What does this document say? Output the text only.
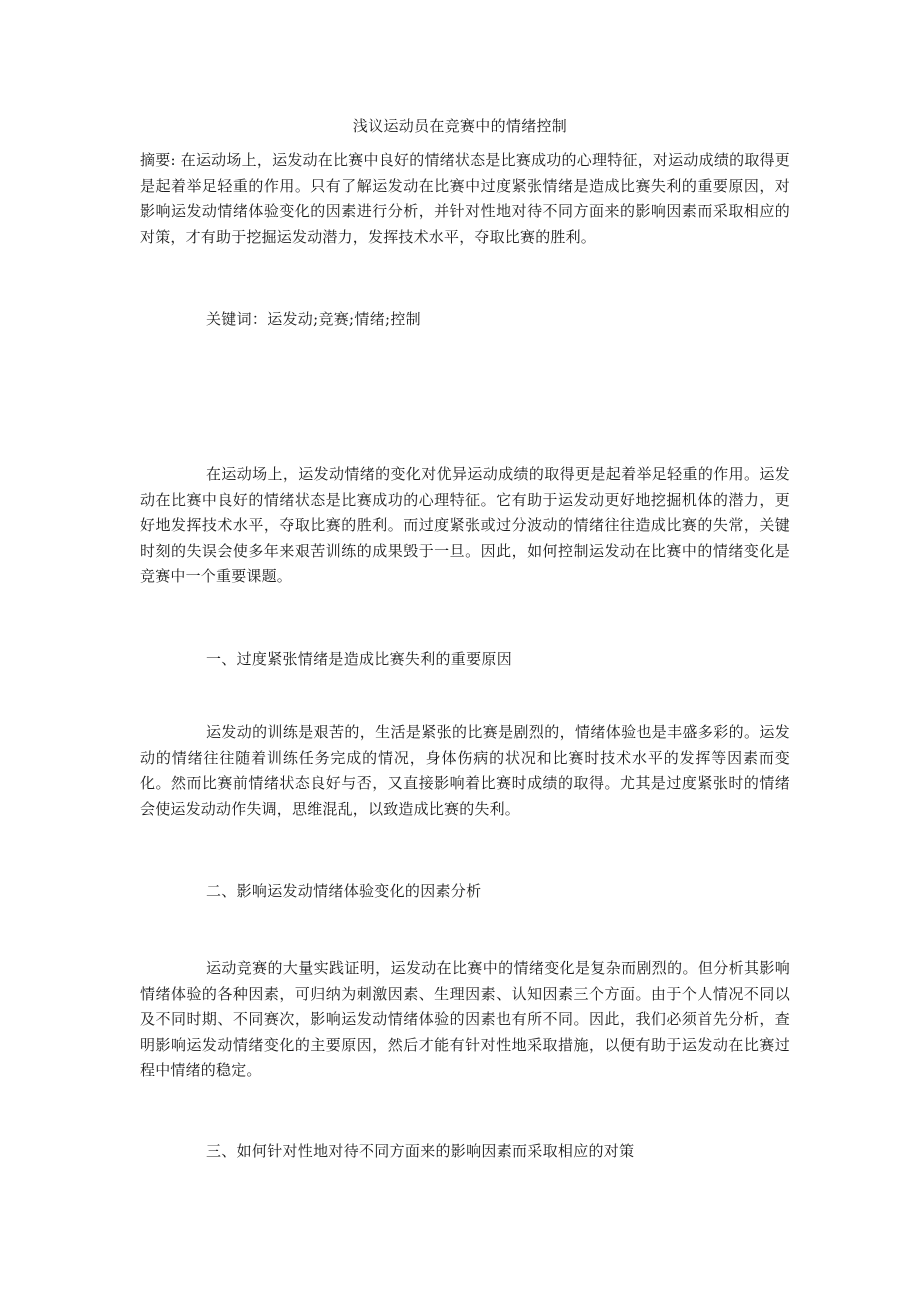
浅议运动员在竞赛中的情绪控制

摘要: 在运动场上，运发动在比赛中良好的情绪状态是比赛成功的心理特征，对运动成绩的取得更是起着举足轻重的作用。只有了解运发动在比赛中过度紧张情绪是造成比赛失利的重要原因，对影响运发动情绪体验变化的因素进行分析，并针对性地对待不同方面来的影响因素而采取相应的对策，才有助于挖掘运发动潜力，发挥技术水平，夺取比赛的胜利。

关键词：运发动;竞赛;情绪;控制

在运动场上，运发动情绪的变化对优异运动成绩的取得更是起着举足轻重的作用。运发动在比赛中良好的情绪状态是比赛成功的心理特征。它有助于运发动更好地挖掘机体的潜力，更好地发挥技术水平，夺取比赛的胜利。而过度紧张或过分波动的情绪往往造成比赛的失常，关键时刻的失误会使多年来艰苦训练的成果毁于一旦。因此，如何控制运发动在比赛中的情绪变化是竞赛中一个重要课题。

一、过度紧张情绪是造成比赛失利的重要原因

运发动的训练是艰苦的，生活是紧张的比赛是剧烈的，情绪体验也是丰盛多彩的。运发动的情绪往往随着训练任务完成的情况，身体伤病的状况和比赛时技术水平的发挥等因素而变化。然而比赛前情绪状态良好与否，又直接影响着比赛时成绩的取得。尤其是过度紧张时的情绪会使运发动动作失调，思维混乱，以致造成比赛的失利。

二、影响运发动情绪体验变化的因素分析

运动竞赛的大量实践证明，运发动在比赛中的情绪变化是复杂而剧烈的。但分析其影响情绪体验的各种因素，可归纳为刺激因素、生理因素、认知因素三个方面。由于个人情况不同以及不同时期、不同赛次，影响运发动情绪体验的因素也有所不同。因此，我们必须首先分析，查明影响运发动情绪变化的主要原因，然后才能有针对性地采取措施，以便有助于运发动在比赛过程中情绪的稳定。

三、如何针对性地对待不同方面来的影响因素而采取相应的对策
